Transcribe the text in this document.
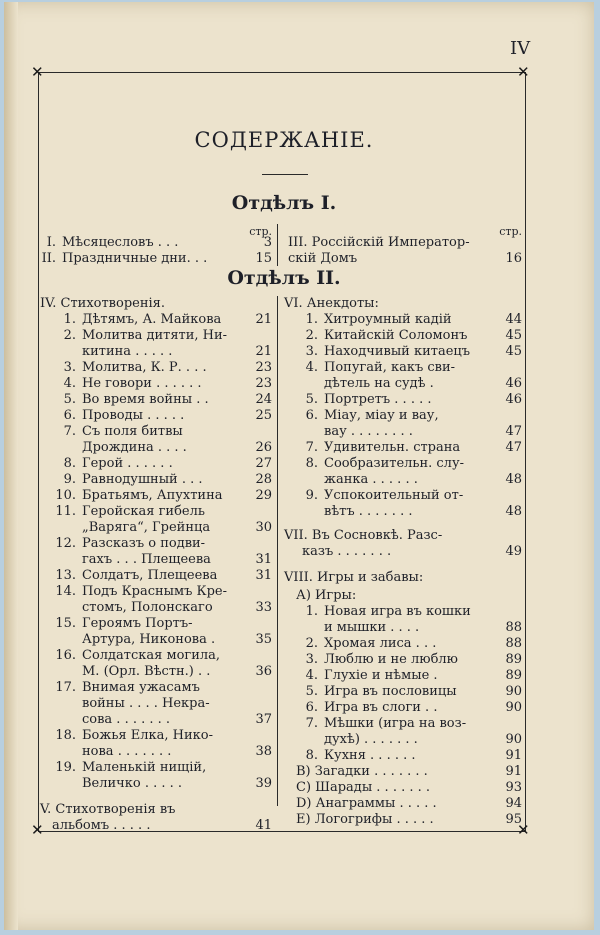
IV
✕	✕
✕	✕
СОДЕРЖАНIЕ.
Отдѣлъ I.
Отдѣлъ II.
стр.	стр.
I. Мѣсяцесловъ . . .	3
II. Праздничные дни. . .	15
III. Россiйскiй Император-
скiй Домъ	16
IV. Стихотворенiя.
1. Дѣтямъ, А. Майкова	21
2. Молитва дитяти, Ни-
китина . . . . .	21
3. Молитва, К. Р. . . .	23
4. Не говори . . . . . .	23
5. Во время войны . .	24
6. Проводы . . . . .	25
7. Съ поля битвы
Дрождина . . . .	26
8. Герой . . . . . .	27
9. Равнодушный . . .	28
10. Братьямъ, Апухтина	29
11. Геройская гибель
„Варяга“, Грейнца	30
12. Разсказъ о подви-
гахъ . . . Плещеева	31
13. Солдатъ, Плещеева	31
14. Подъ Краснымъ Кре-
стомъ, Полонскаго	33
15. Героямъ Портъ-
Артура, Никонова .	35
16. Солдатская могила,
М. (Орл. Вѣстн.) . .	36
17. Внимая ужасамъ
войны . . . . Некра-
сова . . . . . . .	37
18. Божья Елка, Нико-
нова . . . . . . .	38
19. Маленькiй нищiй,
Величко . . . . .	39
V. Стихотворенiя въ
альбомъ . . . . .	41
VI. Анекдоты:
1. Хитроумный кадiй	44
2. Китайскiй Соломонъ	45
3. Находчивый китаецъ	45
4. Попугай, какъ сви-
дѣтель на судѣ .	46
5. Портретъ . . . . .	46
6. Мiау, мiау и вау,
вау . . . . . . . .	47
7. Удивительн. страна	47
8. Сообразительн. слу-
жанка . . . . . .	48
9. Успокоительный от-
вѣтъ . . . . . . .	48
VII. Въ Сосновкѣ. Разс-
казъ . . . . . . .	49
VIII. Игры и забавы:
А) Игры:
1. Новая игра въ кошки
и мышки . . . .	88
2. Хромая лиса . . .	88
3. Люблю и не люблю	89
4. Глухiе и нѣмые .	89
5. Игра въ пословицы	90
6. Игра въ слоги . .	90
7. Мѣшки (игра на воз-
духѣ) . . . . . . .	90
8. Кухня . . . . . .	91
В) Загадки . . . . . . .	91
С) Шарады . . . . . . .	93
D) Анаграммы . . . . .	94
Е) Логогрифы . . . . .	95
